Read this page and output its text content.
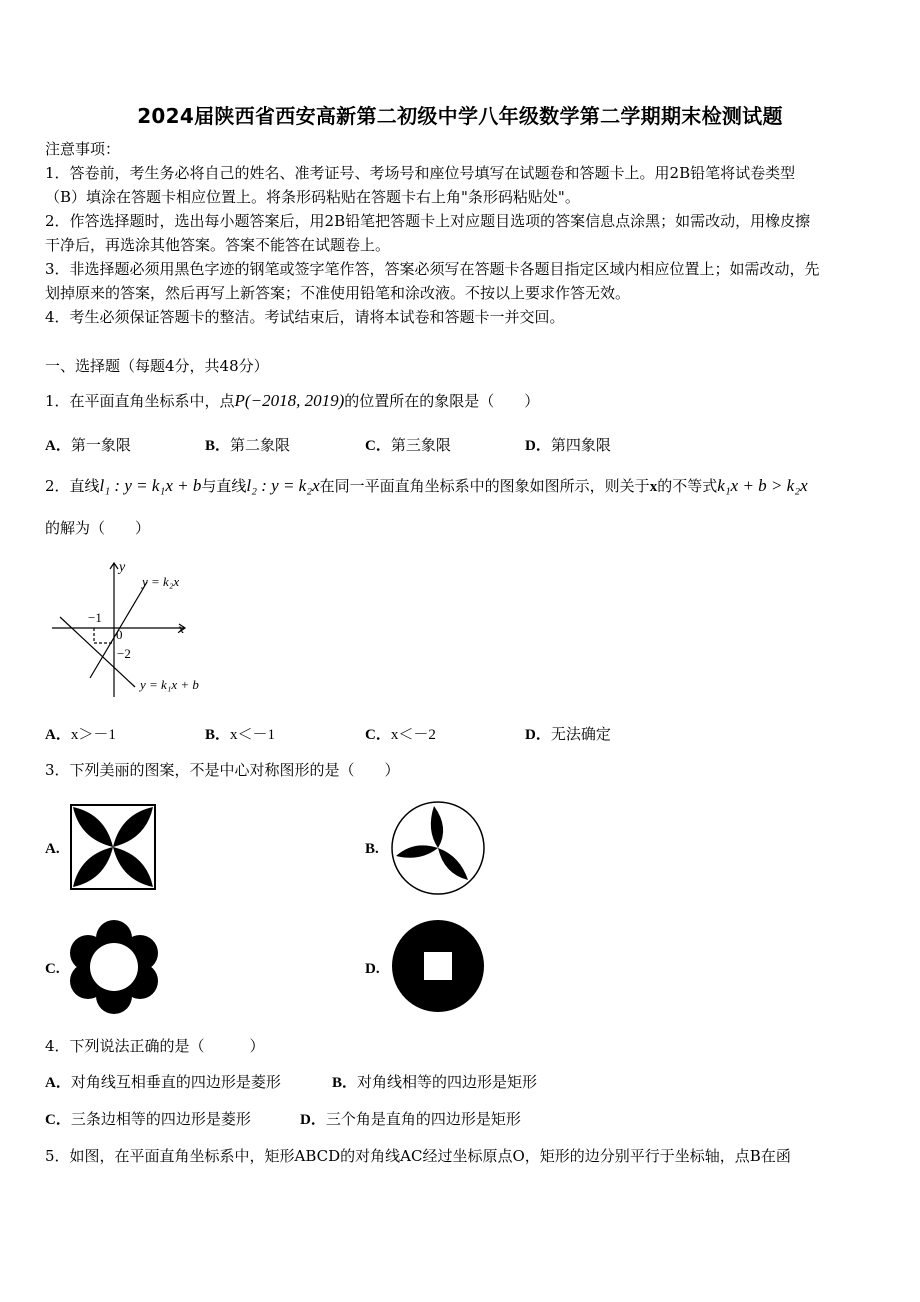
2024届陕西省西安高新第二初级中学八年级数学第二学期期末检测试题
注意事项：
1．答卷前，考生务必将自己的姓名、准考证号、考场号和座位号填写在试题卷和答题卡上。用2B铅笔将试卷类型
（B）填涂在答题卡相应位置上。将条形码粘贴在答题卡右上角"条形码粘贴处"。
2．作答选择题时，选出每小题答案后，用2B铅笔把答题卡上对应题目选项的答案信息点涂黑；如需改动，用橡皮擦
干净后，再选涂其他答案。答案不能答在试题卷上。
3．非选择题必须用黑色字迹的钢笔或签字笔作答，答案必须写在答题卡各题目指定区域内相应位置上；如需改动，先
划掉原来的答案，然后再写上新答案；不准使用铅笔和涂改液。不按以上要求作答无效。
4．考生必须保证答题卡的整洁。考试结束后，请将本试卷和答题卡一并交回。
一、选择题（每题4分，共48分）
1．在平面直角坐标系中，点P(−2018, 2019)的位置所在的象限是（　　）
A．第一象限	B．第二象限	C．第三象限	D．第四象限
2．直线l₁ : y = k₁x + b与直线l₂ : y = k₂x在同一平面直角坐标系中的图象如图所示，则关于x的不等式k₁x + b > k₂x
的解为（　　）
y
x
0
−1
−2
y = k₂x
y = k₁x + b
A．x＞－1	B．x＜－1	C．x＜－2	D．无法确定
3．下列美丽的图案，不是中心对称图形的是（　　）
A.	B.
C.	D.
4．下列说法正确的是（　　　）
A．对角线互相垂直的四边形是菱形	B．对角线相等的四边形是矩形
C．三条边相等的四边形是菱形	D．三个角是直角的四边形是矩形
5．如图，在平面直角坐标系中，矩形ABCD的对角线AC经过坐标原点O，矩形的边分别平行于坐标轴，点B在函
